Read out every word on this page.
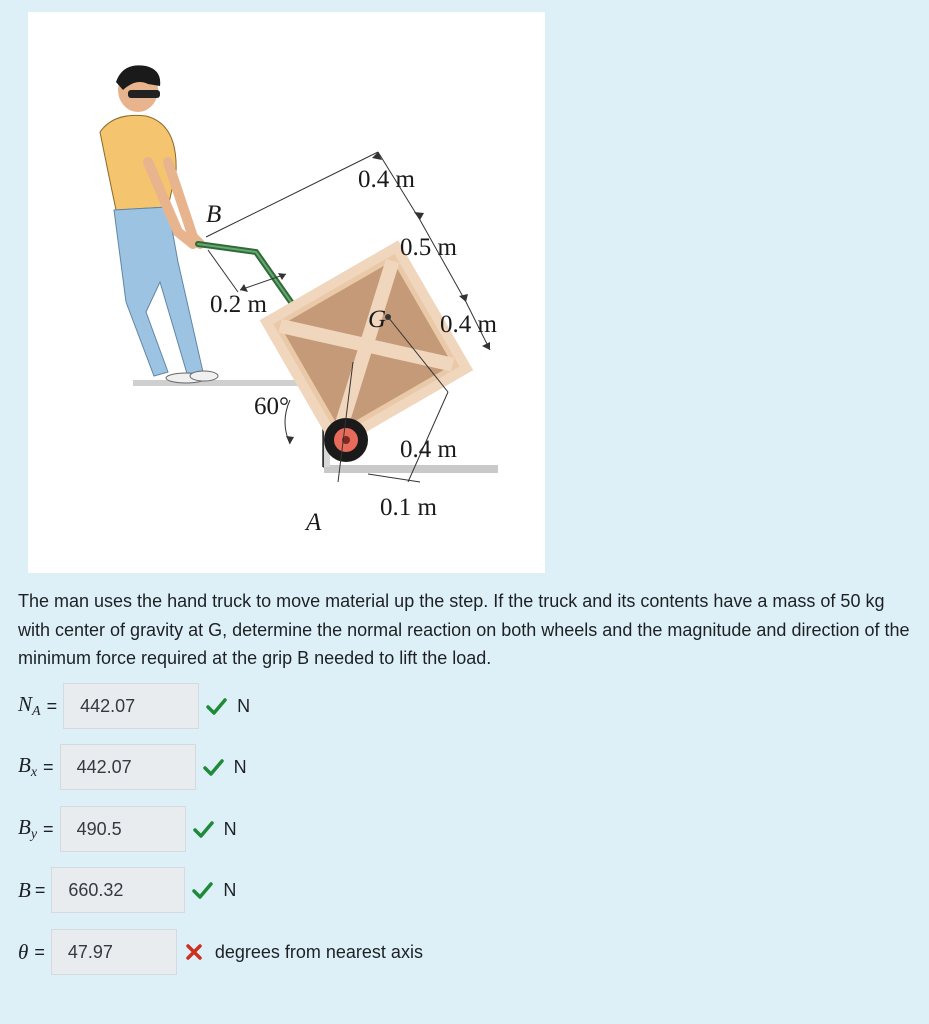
0.4 m
0.5 m
0.4 m
0.2 m
60°
0.4 m
0.1 m
B
G
A
The man uses the hand truck to move material up the step. If the truck and its contents have a mass of 50 kg with center of gravity at G, determine the normal reaction on both wheels and the magnitude and direction of the minimum force required at the grip B needed to lift the load.
$N_A$ =	442.07	N
$B_x$ =	442.07	N
$B_y$ =	490.5	N
B =	660.32	N
θ =	47.97	degrees from nearest axis
